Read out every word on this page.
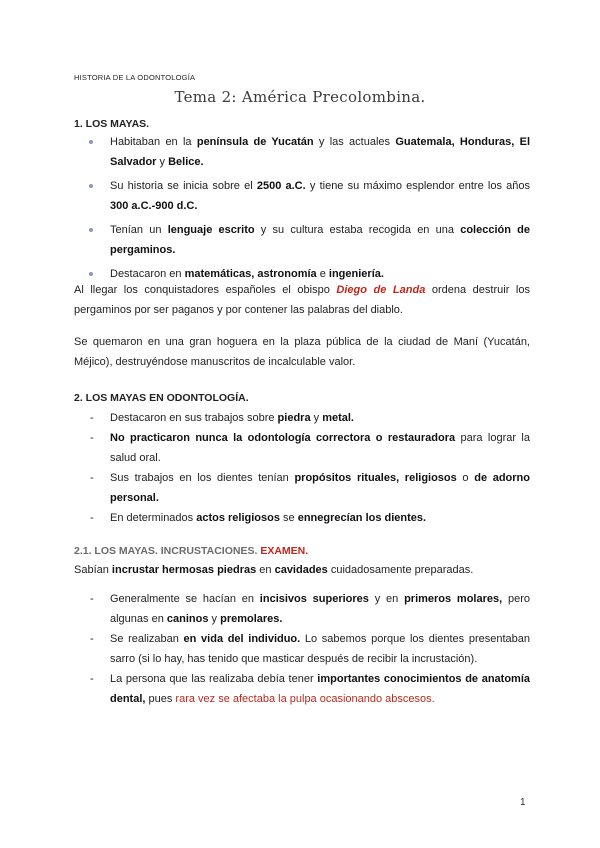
HISTORIA DE LA ODONTOLOGÍA
Tema 2: América Precolombina.
1. LOS MAYAS.
Habitaban en la península de Yucatán y las actuales Guatemala, Honduras, El Salvador y Belice.
Su historia se inicia sobre el 2500 a.C. y tiene su máximo esplendor entre los años 300 a.C.-900 d.C.
Tenían un lenguaje escrito y su cultura estaba recogida en una colección de pergaminos.
Destacaron en matemáticas, astronomía e ingeniería.

Al llegar los conquistadores españoles el obispo Diego de Landa ordena destruir los pergaminos por ser paganos y por contener las palabras del diablo.

Se quemaron en una gran hoguera en la plaza pública de la ciudad de Maní (Yucatán, Méjico), destruyéndose manuscritos de incalculable valor.

2. LOS MAYAS EN ODONTOLOGÍA.
- Destacaron en sus trabajos sobre piedra y metal.
- No practicaron nunca la odontología correctora o restauradora para lograr la salud oral.
- Sus trabajos en los dientes tenían propósitos rituales, religiosos o de adorno personal.
- En determinados actos religiosos se ennegrecían los dientes.
2.1. LOS MAYAS. INCRUSTACIONES. EXAMEN.

Sabían incrustar hermosas piedras en cavidades cuidadosamente preparadas.

- Generalmente se hacían en incisivos superiores y en primeros molares, pero algunas en caninos y premolares.
- Se realizaban en vida del individuo. Lo sabemos porque los dientes presentaban sarro (si lo hay, has tenido que masticar después de recibir la incrustación).
- La persona que las realizaba debía tener importantes conocimientos de anatomía dental, pues rara vez se afectaba la pulpa ocasionando abscesos.
1
